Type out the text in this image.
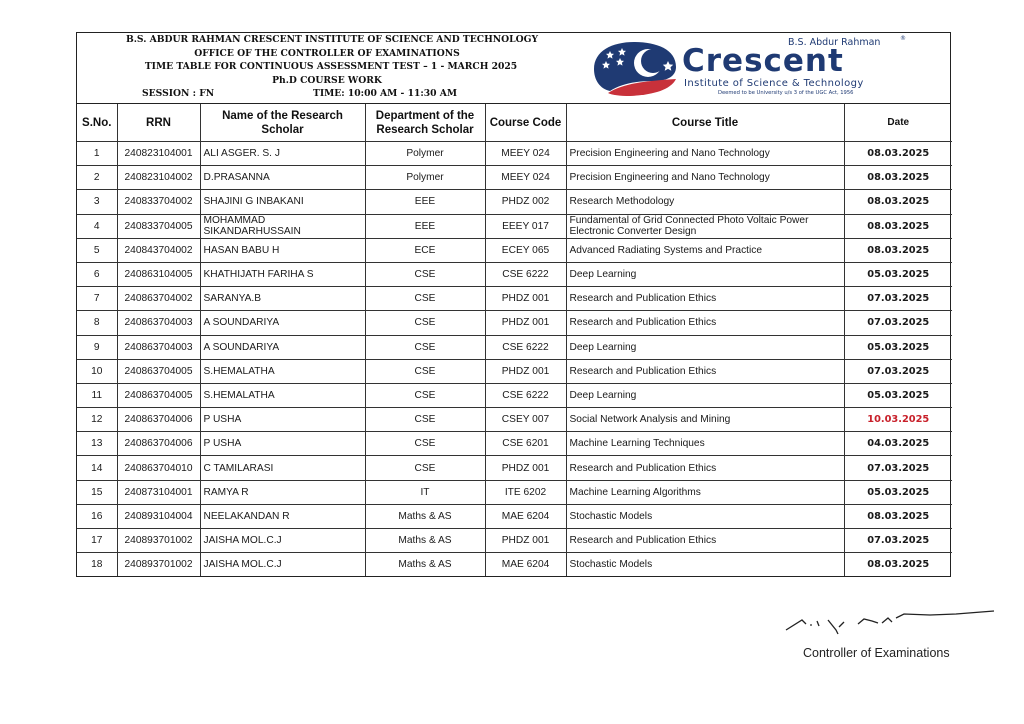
B.S. ABDUR RAHMAN CRESCENT INSTITUTE OF SCIENCE AND TECHNOLOGY
OFFICE OF THE CONTROLLER OF EXAMINATIONS
TIME TABLE FOR CONTINUOUS ASSESSMENT TEST – 1 - MARCH 2025
Ph.D COURSE WORK
SESSION : FN	TIME: 10:00 AM - 11:30 AM
B.S. Abdur Rahman	®
Crescent
Institute of Science & Technology
Deemed to be University u/s 3 of the UGC Act, 1956
S.No.	RRN	Name of the Research Scholar	Department of the Research Scholar	Course Code	Course Title	Date
1	240823104001	ALI ASGER. S. J	Polymer	MEEY 024	Precision Engineering and Nano Technology	08.03.2025
2	240823104002	D.PRASANNA	Polymer	MEEY 024	Precision Engineering and Nano Technology	08.03.2025
3	240833704002	SHAJINI G INBAKANI	EEE	PHDZ 002	Research Methodology	08.03.2025
4	240833704005	MOHAMMAD SIKANDARHUSSAIN	EEE	EEEY 017	Fundamental of Grid Connected Photo Voltaic Power Electronic Converter Design	08.03.2025
5	240843704002	HASAN BABU H	ECE	ECEY 065	Advanced Radiating Systems and Practice	08.03.2025
6	240863104005	KHATHIJATH FARIHA S	CSE	CSE 6222	Deep Learning	05.03.2025
7	240863704002	SARANYA.B	CSE	PHDZ 001	Research and Publication Ethics	07.03.2025
8	240863704003	A SOUNDARIYA	CSE	PHDZ 001	Research and Publication Ethics	07.03.2025
9	240863704003	A SOUNDARIYA	CSE	CSE 6222	Deep Learning	05.03.2025
10	240863704005	S.HEMALATHA	CSE	PHDZ 001	Research and Publication Ethics	07.03.2025
11	240863704005	S.HEMALATHA	CSE	CSE 6222	Deep Learning	05.03.2025
12	240863704006	P USHA	CSE	CSEY 007	Social Network Analysis and Mining	10.03.2025
13	240863704006	P USHA	CSE	CSE 6201	Machine Learning Techniques	04.03.2025
14	240863704010	C TAMILARASI	CSE	PHDZ 001	Research and Publication Ethics	07.03.2025
15	240873104001	RAMYA R	IT	ITE 6202	Machine Learning Algorithms	05.03.2025
16	240893104004	NEELAKANDAN R	Maths & AS	MAE 6204	Stochastic Models	08.03.2025
17	240893701002	JAISHA MOL.C.J	Maths & AS	PHDZ 001	Research and Publication Ethics	07.03.2025
18	240893701002	JAISHA MOL.C.J	Maths & AS	MAE 6204	Stochastic Models	08.03.2025
Controller of Examinations
